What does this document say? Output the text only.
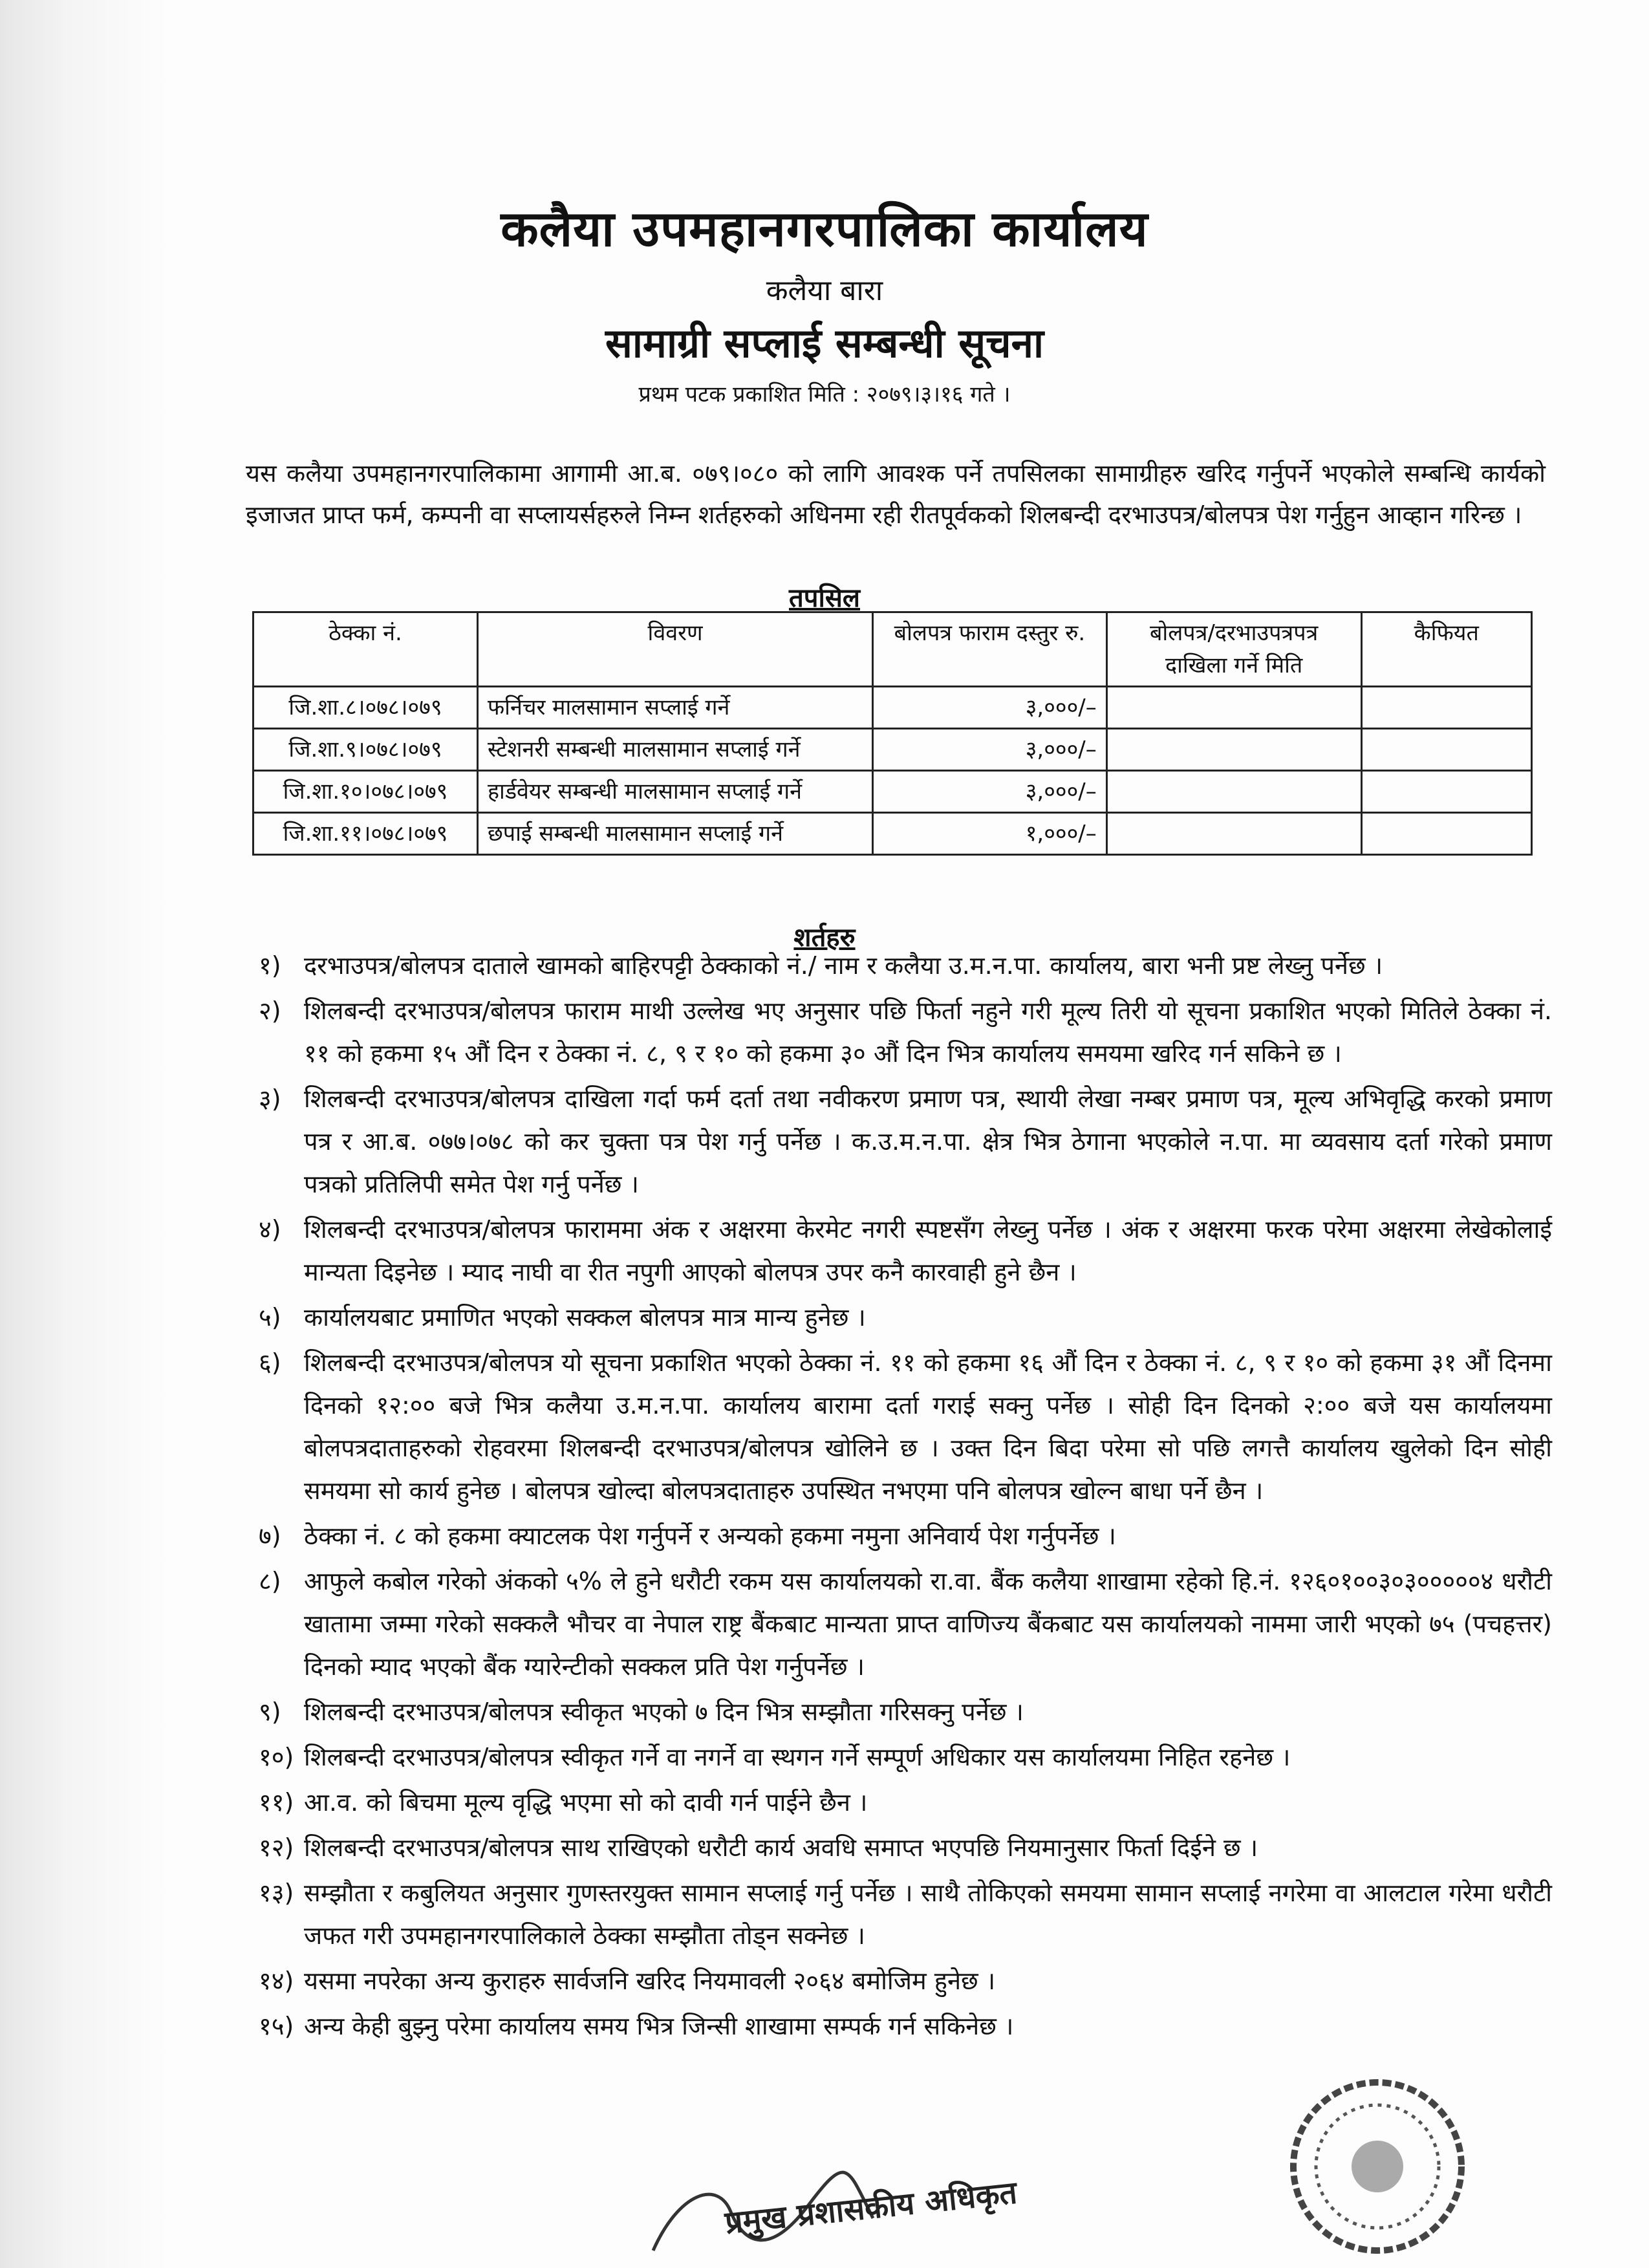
कलैया उपमहानगरपालिका कार्यालय
कलैया बारा
सामाग्री सप्लाई सम्बन्धी सूचना
प्रथम पटक प्रकाशित मिति : २०७९।३।१६ गते ।
यस कलैया उपमहानगरपालिकामा आगामी आ.ब. ०७९।०८० को लागि आवश्क पर्ने तपसिलका सामाग्रीहरु खरिद गर्नुपर्ने भएकोले सम्बन्धि कार्यको इजाजत प्राप्त फर्म, कम्पनी वा सप्लायर्सहरुले निम्न शर्तहरुको अधिनमा रही रीतपूर्वकको शिलबन्दी दरभाउपत्र/बोलपत्र पेश गर्नुहुन आव्हान गरिन्छ ।
तपसिल
ठेक्का नं.	विवरण	बोलपत्र फाराम दस्तुर रु.	बोलपत्र/दरभाउपत्रपत्र दाखिला गर्ने मिति	कैफियत
जि.शा.८।०७८।०७९	फर्निचर मालसामान सप्लाई गर्ने	३,०००/–		
जि.शा.९।०७८।०७९	स्टेशनरी सम्बन्धी मालसामान सप्लाई गर्ने	३,०००/–		
जि.शा.१०।०७८।०७९	हार्डवेयर सम्बन्धी मालसामान सप्लाई गर्ने	३,०००/–		
जि.शा.११।०७८।०७९	छपाई सम्बन्धी मालसामान सप्लाई गर्ने	१,०००/–		
शर्तहरु
१) दरभाउपत्र/बोलपत्र दाताले खामको बाहिरपट्टी ठेक्काको नं./ नाम र कलैया उ.म.न.पा. कार्यालय, बारा भनी प्रष्ट लेख्नु पर्नेछ ।
२) शिलबन्दी दरभाउपत्र/बोलपत्र फाराम माथी उल्लेख भए अनुसार पछि फिर्ता नहुने गरी मूल्य तिरी यो सूचना प्रकाशित भएको मितिले ठेक्का नं. ११ को हकमा १५ औं दिन र ठेक्का नं. ८, ९ र १० को हकमा ३० औं दिन भित्र कार्यालय समयमा खरिद गर्न सकिने छ ।
३) शिलबन्दी दरभाउपत्र/बोलपत्र दाखिला गर्दा फर्म दर्ता तथा नवीकरण प्रमाण पत्र, स्थायी लेखा नम्बर प्रमाण पत्र, मूल्य अभिवृद्धि करको प्रमाण पत्र र आ.ब. ०७७।०७८ को कर चुक्ता पत्र पेश गर्नु पर्नेछ । क.उ.म.न.पा. क्षेत्र भित्र ठेगाना भएकोले न.पा. मा व्यवसाय दर्ता गरेको प्रमाण पत्रको प्रतिलिपी समेत पेश गर्नु पर्नेछ ।
४) शिलबन्दी दरभाउपत्र/बोलपत्र फाराममा अंक र अक्षरमा केरमेट नगरी स्पष्टसँग लेख्नु पर्नेछ । अंक र अक्षरमा फरक परेमा अक्षरमा लेखेकोलाई मान्यता दिइनेछ । म्याद नाघी वा रीत नपुगी आएको बोलपत्र उपर कनै कारवाही हुने छैन ।
५) कार्यालयबाट प्रमाणित भएको सक्कल बोलपत्र मात्र मान्य हुनेछ ।
६) शिलबन्दी दरभाउपत्र/बोलपत्र यो सूचना प्रकाशित भएको ठेक्का नं. ११ को हकमा १६ औं दिन र ठेक्का नं. ८, ९ र १० को हकमा ३१ औं दिनमा दिनको १२:०० बजे भित्र कलैया उ.म.न.पा. कार्यालय बारामा दर्ता गराई सक्नु पर्नेछ । सोही दिन दिनको २:०० बजे यस कार्यालयमा बोलपत्रदाताहरुको रोहवरमा शिलबन्दी दरभाउपत्र/बोलपत्र खोलिने छ । उक्त दिन बिदा परेमा सो पछि लगत्तै कार्यालय खुलेको दिन सोही समयमा सो कार्य हुनेछ । बोलपत्र खोल्दा बोलपत्रदाताहरु उपस्थित नभएमा पनि बोलपत्र खोल्न बाधा पर्ने छैन ।
७) ठेक्का नं. ८ को हकमा क्याटलक पेश गर्नुपर्ने र अन्यको हकमा नमुना अनिवार्य पेश गर्नुपर्नेछ ।
८) आफुले कबोल गरेको अंकको ५% ले हुने धरौटी रकम यस कार्यालयको रा.वा. बैंक कलैया शाखामा रहेको हि.नं. १२६०१००३०३०००००४ धरौटी खातामा जम्मा गरेको सक्कलै भौचर वा नेपाल राष्ट्र बैंकबाट मान्यता प्राप्त वाणिज्य बैंकबाट यस कार्यालयको नाममा जारी भएको ७५ (पचहत्तर) दिनको म्याद भएको बैंक ग्यारेन्टीको सक्कल प्रति पेश गर्नुपर्नेछ ।
९) शिलबन्दी दरभाउपत्र/बोलपत्र स्वीकृत भएको ७ दिन भित्र सम्झौता गरिसक्नु पर्नेछ ।
१०) शिलबन्दी दरभाउपत्र/बोलपत्र स्वीकृत गर्ने वा नगर्ने वा स्थगन गर्ने सम्पूर्ण अधिकार यस कार्यालयमा निहित रहनेछ ।
११) आ.व. को बिचमा मूल्य वृद्धि भएमा सो को दावी गर्न पाईने छैन ।
१२) शिलबन्दी दरभाउपत्र/बोलपत्र साथ राखिएको धरौटी कार्य अवधि समाप्त भएपछि नियमानुसार फिर्ता दिईने छ ।
१३) सम्झौता र कबुलियत अनुसार गुणस्तरयुक्त सामान सप्लाई गर्नु पर्नेछ । साथै तोकिएको समयमा सामान सप्लाई नगरेमा वा आलटाल गरेमा धरौटी जफत गरी उपमहानगरपालिकाले ठेक्का सम्झौता तोड्न सक्नेछ ।
१४) यसमा नपरेका अन्य कुराहरु सार्वजनि खरिद नियमावली २०६४ बमोजिम हुनेछ ।
१५) अन्य केही बुझ्नु परेमा कार्यालय समय भित्र जिन्सी शाखामा सम्पर्क गर्न सकिनेछ ।
प्रमुख प्रशासकीय अधिकृत
